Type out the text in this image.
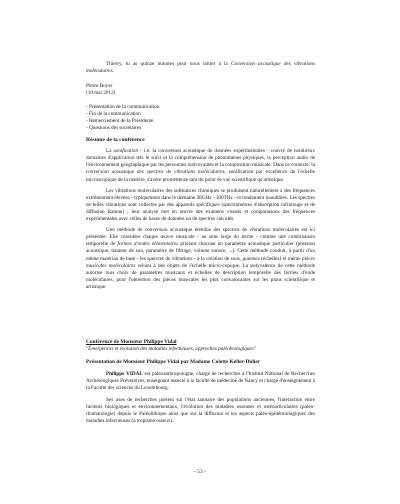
Thierry, tu as quinze minutes pour nous initier à la Conversion acoustique des vibrations moléculaires.
Pierre Boyer
(10 mai 2012)
- Présentation de la communication
- Fin de la communication
- Remerciement de la Présidente
- Questions des sociétaires
Résumé de la conférence

La sonification - i.e. la conversion acoustique de données expérimentales - couvre de nombreux domaines d'application tels le suivi et la compréhension de phénomènes physiques, la perception audio de l'environnement géographique par les personnes malvoyantes et la composition musicale. Dans ce contexte, la conversion acoustique des spectres de vibrations moléculaires, sonification par excellence de l'échelle microscopique de la matière, s'avère prometteuse tant du point de vue scientifique qu'artistique.

Les vibrations moléculaires des substances chimiques se produisent naturellement à des fréquences extrêmement élevées - typiquement dans le domaine 30GHz - 300THz - et totalement inaudibles. Les spectres de telles vibrations sont collectés par des appareils spécifiques (spectromètres d'absorption infrarouge et de diffusion Raman) ; leur analyse met en œuvre des examens visuels et comparaisons des fréquences expérimentales avec celles de bases de données ou de spectres calculés.

Une méthode de conversion acoustique étendue des spectres de vibrations moléculaires est ici présentée. Elle considère chaque œuvre musicale - au sens large du terme - comme une combinaison temporelle de formes d'ondes élémentaires pilotant chacune un paramètre acoustique particulier (pression acoustique, hauteur de son, paramètre de filtrage, volume sonore, ...). Cette méthode conduit, à partir d'un même matériau de base - les spectres de vibrations - à la création de sons, gammes (échelles) et même pièces musicales moléculaires reliant à des objets de l'échelle micro-copique. La polyvalence de cette méthode autorise tous choix de paramètres musicaux et échelles de description temporelle des formes d'onde moléculaires, pour l'obtention des pièces musicales les plus convaincantes sur les plans scientifique et artistique.

Conférence de Monsieur Philippe Vidal
"Émergences et évolution des maladies infectieuses, approches paléobiologiques"
Présentation de Monsieur Philippe Vidal par Madame Colette Keller-Didier

Philippe VIDAL est paléoanthropologue, chargé de recherches à l'Institut National de Recherches Archéologiques Préventives, enseignant associé à la faculté de médecine de Nancy et chargé d'enseignement à la Faculté des sciences du Luxembourg.

Ses axes de recherches portent sur l'état sanitaire des populations anciennes, l'interaction entre facteurs biologiques et environnementaux, l'évolution des maladies osseuses et ostéoarticulaires (paléo-rhumatologie) depuis le Paléolithique ainsi que sur la diffusion et les aspects paléo-épidémiologiques des maladies infectieuses (à tropisme osseux).

- 53 -
